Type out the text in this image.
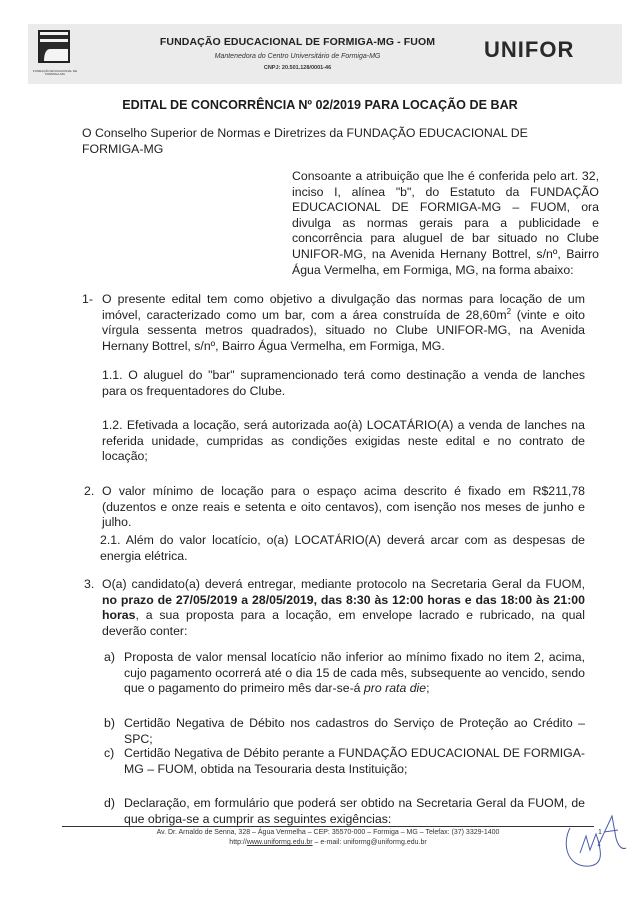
FUNDAÇÃO EDUCACIONAL DE FORMIGA-MG
FUNDAÇÃO EDUCACIONAL DE FORMIGA-MG - FUOM
Mantenedora do Centro Universitário de Formiga-MG
CNPJ: 20.501.128/0001-46
UNIFOR
EDITAL DE CONCORRÊNCIA Nº 02/2019 PARA LOCAÇÃO DE BAR
O Conselho Superior de Normas e Diretrizes da FUNDAÇÃO EDUCACIONAL DE FORMIGA-MG
Consoante a atribuição que lhe é conferida pelo art. 32, inciso I, alínea "b", do Estatuto da FUNDAÇÃO EDUCACIONAL DE FORMIGA-MG – FUOM, ora divulga as normas gerais para a publicidade e concorrência para aluguel de bar situado no Clube UNIFOR-MG, na Avenida Hernany Bottrel, s/nº, Bairro Água Vermelha, em Formiga, MG, na forma abaixo:
1- O presente edital tem como objetivo a divulgação das normas para locação de um imóvel, caracterizado como um bar, com a área construída de $28,60m^2$ (vinte e oito vírgula sessenta metros quadrados), situado no Clube UNIFOR-MG, na Avenida Hernany Bottrel, s/nº, Bairro Água Vermelha, em Formiga, MG.
1.1. O aluguel do "bar" supramencionado terá como destinação a venda de lanches para os frequentadores do Clube.
1.2. Efetivada a locação, será autorizada ao(à) LOCATÁRIO(A) a venda de lanches na referida unidade, cumpridas as condições exigidas neste edital e no contrato de locação;
2. O valor mínimo de locação para o espaço acima descrito é fixado em R$211,78 (duzentos e onze reais e setenta e oito centavos), com isenção nos meses de junho e julho.
2.1. Além do valor locatício, o(a) LOCATÁRIO(A) deverá arcar com as despesas de energia elétrica.
3. O(a) candidato(a) deverá entregar, mediante protocolo na Secretaria Geral da FUOM, no prazo de 27/05/2019 a 28/05/2019, das 8:30 às 12:00 horas e das 18:00 às 21:00 horas, a sua proposta para a locação, em envelope lacrado e rubricado, na qual deverão conter:
a) Proposta de valor mensal locatício não inferior ao mínimo fixado no item 2, acima, cujo pagamento ocorrerá até o dia 15 de cada mês, subsequente ao vencido, sendo que o pagamento do primeiro mês dar-se-á pro rata die;
b) Certidão Negativa de Débito nos cadastros do Serviço de Proteção ao Crédito – SPC;
c) Certidão Negativa de Débito perante a FUNDAÇÃO EDUCACIONAL DE FORMIGA-MG – FUOM, obtida na Tesouraria desta Instituição;
d) Declaração, em formulário que poderá ser obtido na Secretaria Geral da FUOM, de que obriga-se a cumprir as seguintes exigências:
Av. Dr. Arnaldo de Senna, 328 – Água Vermelha – CEP: 35570-000 – Formiga – MG – Telefax: (37) 3329-1400
http://www.uniformg.edu.br – e-mail: uniformg@uniformg.edu.br
1
